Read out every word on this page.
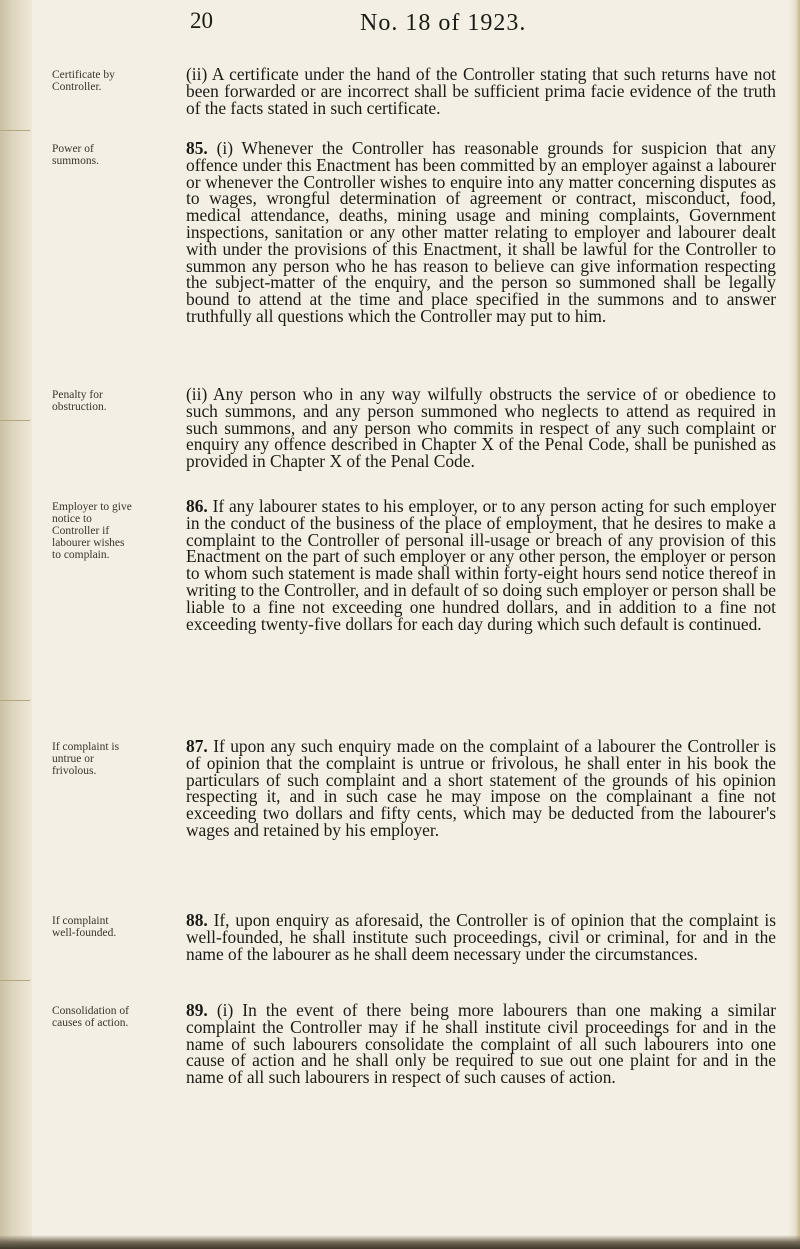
20	No. 18 of 1923.
Certificate by Controller.

(ii) A certificate under the hand of the Controller stating that such returns have not been forwarded or are incorrect shall be sufficient prima facie evidence of the truth of the facts stated in such certificate.

Power of summons.

85. (i) Whenever the Controller has reasonable grounds for suspicion that any offence under this Enactment has been committed by an employer against a labourer or whenever the Controller wishes to enquire into any matter concerning disputes as to wages, wrongful determination of agreement or contract, misconduct, food, medical attendance, deaths, mining usage and mining complaints, Government inspections, sanitation or any other matter relating to employer and labourer dealt with under the provisions of this Enactment, it shall be lawful for the Controller to summon any person who he has reason to believe can give information respecting the subject-matter of the enquiry, and the person so summoned shall be legally bound to attend at the time and place specified in the summons and to answer truthfully all questions which the Controller may put to him.

Penalty for obstruction.

(ii) Any person who in any way wilfully obstructs the service of or obedience to such summons, and any person summoned who neglects to attend as required in such summons, and any person who commits in respect of any such complaint or enquiry any offence described in Chapter X of the Penal Code, shall be punished as provided in Chapter X of the Penal Code.

Employer to give notice to Controller if labourer wishes to complain.

86. If any labourer states to his employer, or to any person acting for such employer in the conduct of the business of the place of employment, that he desires to make a complaint to the Controller of personal ill-usage or breach of any provision of this Enactment on the part of such employer or any other person, the employer or person to whom such statement is made shall within forty-eight hours send notice thereof in writing to the Controller, and in default of so doing such employer or person shall be liable to a fine not exceeding one hundred dollars, and in addition to a fine not exceeding twenty-five dollars for each day during which such default is continued.

If complaint is untrue or frivolous.

87. If upon any such enquiry made on the complaint of a labourer the Controller is of opinion that the complaint is untrue or frivolous, he shall enter in his book the particulars of such complaint and a short statement of the grounds of his opinion respecting it, and in such case he may impose on the complainant a fine not exceeding two dollars and fifty cents, which may be deducted from the labourer's wages and retained by his employer.

If complaint well-founded.

88. If, upon enquiry as aforesaid, the Controller is of opinion that the complaint is well-founded, he shall institute such proceedings, civil or criminal, for and in the name of the labourer as he shall deem necessary under the circumstances.

Consolidation of causes of action.

89. (i) In the event of there being more labourers than one making a similar complaint the Controller may if he shall institute civil proceedings for and in the name of such labourers consolidate the complaint of all such labourers into one cause of action and he shall only be required to sue out one plaint for and in the name of all such labourers in respect of such causes of action.
